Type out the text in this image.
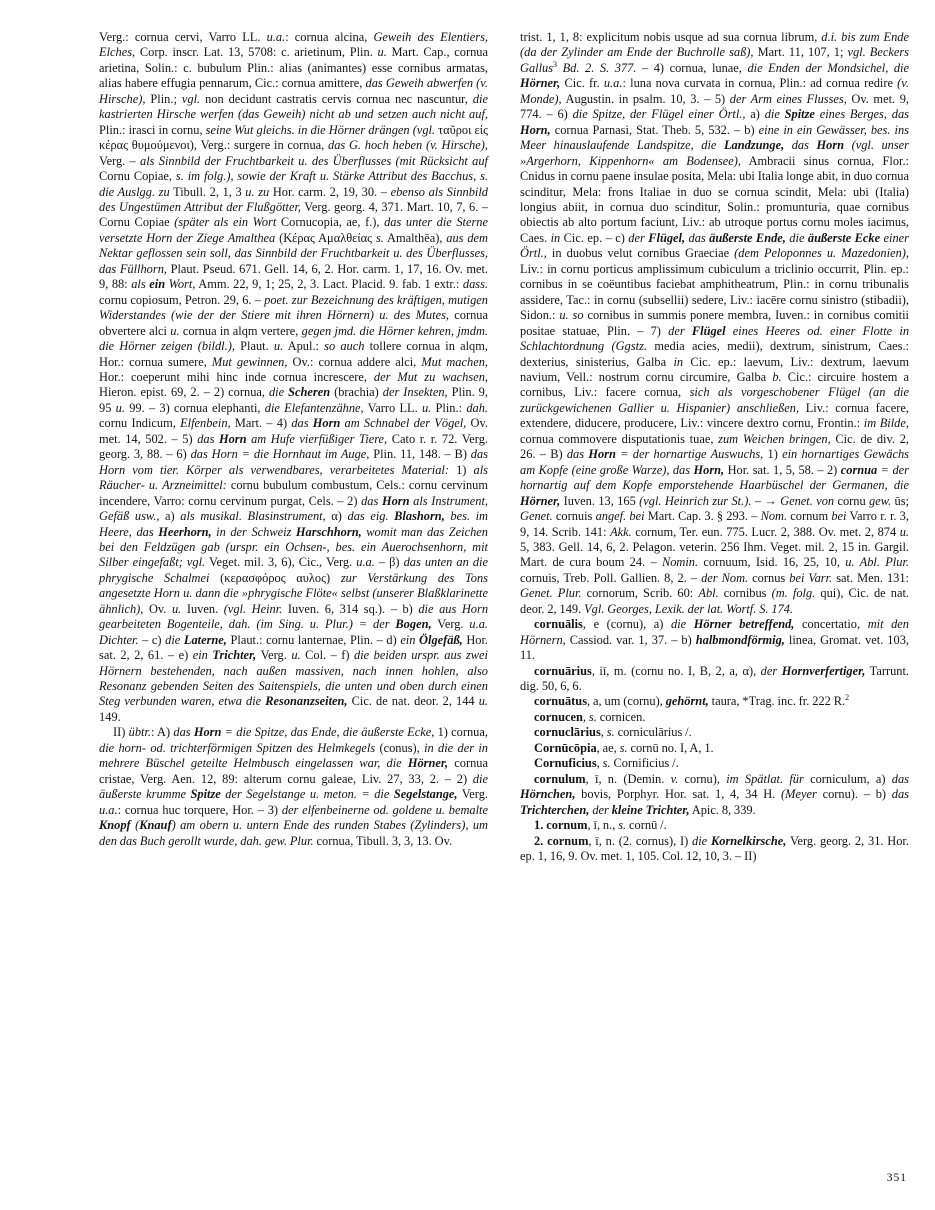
Verg.: cornua cervi, Varro LL. u.a.: cornua alcina, Geweih des Elentiers, Elches, Corp. inscr. Lat. 13, 5708: c. arietinum, Plin. u. Mart. Cap., cornua arietina, Solin.: c. bubulum Plin.: alias (animantes) esse cornibus armatas, alias habere effugia pennarum, Cic.: cornua amittere, das Geweih abwerfen (v. Hirsche), Plin.; vgl. non decidunt castratis cervis cornua nec nascuntur, die kastrierten Hirsche werfen (das Geweih) nicht ab und setzen auch nicht auf, Plin.: irasci in cornu, seine Wut gleichs. in die Hörner drängen (vgl. ταῦροι εἰς κέρας θυμούμενοι), Verg.: surgere in cornua, das G. hoch heben (v. Hirsche), Verg. – als Sinnbild der Fruchtbarkeit u. des Überflusses (mit Rücksicht auf Cornu Copiae, s. im folg.), sowie der Kraft u. Stärke Attribut des Bacchus, s. die Auslgg. zu Tibull. 2, 1, 3 u. zu Hor. carm. 2, 19, 30. – ebenso als Sinnbild des Ungestümen Attribut der Flußgötter, Verg. georg. 4, 371. Mart. 10, 7, 6. – Cornu Copiae (später als ein Wort Cornucopia, ae, f.), das unter die Sterne versetzte Horn der Ziege Amalthea (Κέρας Αμαλθείας s. Amalthēa), aus dem Nektar geflossen sein soll, das Sinnbild der Fruchtbarkeit u. des Überflusses, das Füllhorn, Plaut. Pseud. 671. Gell. 14, 6, 2. Hor. carm. 1, 17, 16. Ov. met. 9, 88: als ein Wort, Amm. 22, 9, 1; 25, 2, 3. Lact. Placid. 9. fab. 1 extr.: dass. cornu copiosum, Petron. 29, 6. – poet. zur Bezeichnung des kräftigen, mutigen Widerstandes (wie der der Stiere mit ihren Hörnern) u. des Mutes, cornua obvertere alci u. cornua in alqm vertere, gegen jmd. die Hörner kehren, jmdm. die Hörner zeigen (bildl.), Plaut. u. Apul.: so auch tollere cornua in alqm, Hor.: cornua sumere, Mut gewinnen, Ov.: cornua addere alci, Mut machen, Hor.: coeperunt mihi hinc inde cornua increscere, der Mut zu wachsen, Hieron. epist. 69, 2. – 2) cornua, die Scheren (brachia) der Insekten, Plin. 9, 95 u. 99. – 3) cornua elephanti, die Elefantenzähne, Varro LL. u. Plin.: dah. cornu Indicum, Elfenbein, Mart. – 4) das Horn am Schnabel der Vögel, Ov. met. 14, 502. – 5) das Horn am Hufe vierfüßiger Tiere, Cato r. r. 72. Verg. georg. 3, 88. – 6) das Horn = die Hornhaut im Auge, Plin. 11, 148. – B) das Horn vom tier. Körper als verwendbares, verarbeitetes Material: 1) als Räucher- u. Arzneimittel: cornu bubulum combustum, Cels.: cornu cervinum incendere, Varro: cornu cervinum purgat, Cels. – 2) das Horn als Instrument, Gefäß usw., a) als musikal. Blasinstrument, α) das eig. Blashorn, bes. im Heere, das Heerhorn, in der Schweiz Harschhorn, womit man das Zeichen bei den Feldzügen gab (urspr. ein Ochsen-, bes. ein Auerochsenhorn, mit Silber eingefaßt; vgl. Veget. mil. 3, 6), Cic., Verg. u.a. – β) das unten an die phrygische Schalmei (κερασφόρος αυλος) zur Verstärkung des Tons angesetzte Horn u. dann die »phrygische Flöte« selbst (unserer Blaßklarinette ähnlich), Ov. u. Iuven. (vgl. Heinr. Iuven. 6, 314 sq.). – b) die aus Horn gearbeiteten Bogenteile, dah. (im Sing. u. Plur.) = der Bogen, Verg. u.a. Dichter. – c) die Laterne, Plaut.: cornu lanternae, Plin. – d) ein Ölgefäß, Hor. sat. 2, 2, 61. – e) ein Trichter, Verg. u. Col. – f) die beiden urspr. aus zwei Hörnern bestehenden, nach außen massiven, nach innen hohlen, also Resonanz gebenden Seiten des Saitenspiels, die unten und oben durch einen Steg verbunden waren, etwa die Resonanzseiten, Cic. de nat. deor. 2, 144 u. 149.

II) übtr.: A) das Horn = die Spitze, das Ende, die äußerste Ecke, 1) cornua, die horn- od. trichterförmigen Spitzen des Helmkegels (conus), in die der in mehrere Büschel geteilte Helmbusch eingelassen war, die Hörner, cornua cristae, Verg. Aen. 12, 89: alterum cornu galeae, Liv. 27, 33, 2. – 2) die äußerste krumme Spitze der Segelstange u. meton. = die Segelstange, Verg. u.a.: cornua huc torquere, Hor. – 3) der elfenbeinerne od. goldene u. bemalte Knopf (Knauf) am obern u. untern Ende des runden Stabes (Zylinders), um den das Buch gerollt wurde, dah. gew. Plur. cornua, Tibull. 3, 3, 13. Ov.

trist. 1, 1, 8: explicitum nobis usque ad sua cornua librum, d.i. bis zum Ende (da der Zylinder am Ende der Buchrolle saß), Mart. 11, 107, 1; vgl. Beckers Gallus$^3$ Bd. 2. S. 377. – 4) cornua, lunae, die Enden der Mondsichel, die Hörner, Cic. fr. u.a.: luna nova curvata in cornua, Plin.: ad cornua redire (v. Monde), Augustin. in psalm. 10, 3. – 5) der Arm eines Flusses, Ov. met. 9, 774. – 6) die Spitze, der Flügel einer Örtl., a) die Spitze eines Berges, das Horn, cornua Parnasi, Stat. Theb. 5, 532. – b) eine in ein Gewässer, bes. ins Meer hinauslaufende Landspitze, die Landzunge, das Horn (vgl. unser »Argerhorn, Kippenhorn« am Bodensee), Ambracii sinus cornua, Flor.: Cnidus in cornu paene insulae posita, Mela: ubi Italia longe abit, in duo cornua scinditur, Mela: frons Italiae in duo se cornua scindit, Mela: ubi (Italia) longius abiit, in cornua duo scinditur, Solin.: promunturia, quae cornibus obiectis ab alto portum faciunt, Liv.: ab utroque portus cornu moles iacimus, Caes. in Cic. ep. – c) der Flügel, das äußerste Ende, die äußerste Ecke einer Örtl., in duobus velut cornibus Graeciae (dem Peloponnes u. Mazedonien), Liv.: in cornu porticus amplissimum cubiculum a triclinio occurrit, Plin. ep.: cornibus in se coëuntibus faciebat amphitheatrum, Plin.: in cornu tribunalis assidere, Tac.: in cornu (subsellii) sedere, Liv.: iacēre cornu sinistro (stibadii), Sidon.: u. so cornibus in summis ponere membra, Iuven.: in cornibus comitii positae statuae, Plin. – 7) der Flügel eines Heeres od. einer Flotte in Schlachtordnung (Ggstz. media acies, medii), dextrum, sinistrum, Caes.: dexterius, sinisterius, Galba in Cic. ep.: laevum, Liv.: dextrum, laevum navium, Vell.: nostrum cornu circumire, Galba b. Cic.: circuire hostem a cornibus, Liv.: facere cornua, sich als vorgeschobener Flügel (an die zurückgewichenen Gallier u. Hispanier) anschließen, Liv.: cornua facere, extendere, diducere, producere, Liv.: vincere dextro cornu, Frontin.: im Bilde, cornua commovere disputationis tuae, zum Weichen bringen, Cic. de div. 2, 26. – B) das Horn = der hornartige Auswuchs, 1) ein hornartiges Gewächs am Kopfe (eine große Warze), das Horn, Hor. sat. 1, 5, 58. – 2) cornua = der hornartig auf dem Kopfe emporstehende Haarbüschel der Germanen, die Hörner, Iuven. 13, 165 (vgl. Heinrich zur St.). – → Genet. von cornu gew. ūs; Genet. cornuis angef. bei Mart. Cap. 3. § 293. – Nom. cornum bei Varro r. r. 3, 9, 14. Scrib. 141: Akk. cornum, Ter. eun. 775. Lucr. 2, 388. Ov. met. 2, 874 u. 5, 383. Gell. 14, 6, 2. Pelagon. veterin. 256 Ihm. Veget. mil. 2, 15 in. Gargil. Mart. de cura boum 24. – Nomin. cornuum, Isid. 16, 25, 10, u. Abl. Plur. cornuis, Treb. Poll. Gallien. 8, 2. – der Nom. cornus bei Varr. sat. Men. 131: Genet. Plur. cornorum, Scrib. 60: Abl. cornibus (m. folg. qui), Cic. de nat. deor. 2, 149. Vgl. Georges, Lexik. der lat. Wortf. S. 174.

cornuālis, e (cornu), a) die Hörner betreffend, concertatio, mit den Hörnern, Cassiod. var. 1, 37. – b) halbmondförmig, linea, Gromat. vet. 103, 11.

cornuārius, iī, m. (cornu no. I, B, 2, a, α), der Hornverfertiger, Tarrunt. dig. 50, 6, 6.

cornuātus, a, um (cornu), gehörnt, taura, *Trag. inc. fr. 222 R.$^2$

cornucen, s. cornicen.

cornuclārius, s. corniculārius /.

Cornūcōpia, ae, s. cornū no. I, A, 1.

Cornuficius, s. Cornificius /.

cornulum, ī, n. (Demin. v. cornu), im Spätlat. für corniculum, a) das Hörnchen, bovis, Porphyr. Hor. sat. 1, 4, 34 H. (Meyer cornu). – b) das Trichterchen, der kleine Trichter, Apic. 8, 339.

1. cornum, ī, n., s. cornū /.

2. cornum, ī, n. (2. cornus), I) die Kornelkirsche, Verg. georg. 2, 31. Hor. ep. 1, 16, 9. Ov. met. 1, 105. Col. 12, 10, 3. – II)

351
